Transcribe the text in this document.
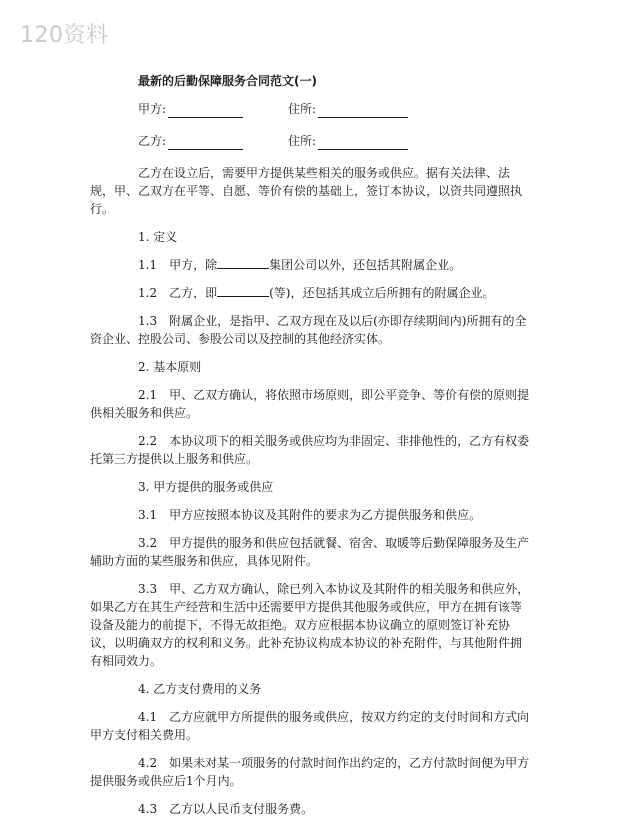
120资料
最新的后勤保障服务合同范文(一)
甲方:	住所:
乙方:	住所:

乙方在设立后，需要甲方提供某些相关的服务或供应。据有关法律、法规，甲、乙双方在平等、自愿、等价有偿的基础上，签订本协议，以资共同遵照执行。

1. 定义

1.1　甲方，除	集团公司以外，还包括其附属企业。

1.2　乙方，即	(等)，还包括其成立后所拥有的附属企业。

1.3　附属企业，是指甲、乙双方现在及以后(亦即存续期间内)所拥有的全资企业、控股公司、参股公司以及控制的其他经济实体。

2. 基本原则

2.1　甲、乙双方确认，将依照市场原则，即公平竞争、等价有偿的原则提供相关服务和供应。

2.2　本协议项下的相关服务或供应均为非固定、非排他性的，乙方有权委托第三方提供以上服务和供应。

3. 甲方提供的服务或供应

3.1　甲方应按照本协议及其附件的要求为乙方提供服务和供应。

3.2　甲方提供的服务和供应包括就餐、宿舍、取暖等后勤保障服务及生产辅助方面的某些服务和供应，具体见附件。

3.3　甲、乙方双方确认，除已列入本协议及其附件的相关服务和供应外，如果乙方在其生产经营和生活中还需要甲方提供其他服务或供应，甲方在拥有该等设备及能力的前提下，不得无故拒绝。双方应根据本协议确立的原则签订补充协议，以明确双方的权利和义务。此补充协议构成本协议的补充附件，与其他附件拥有相同效力。

4. 乙方支付费用的义务

4.1　乙方应就甲方所提供的服务或供应，按双方约定的支付时间和方式向甲方支付相关费用。

4.2　如果未对某一项服务的付款时间作出约定的，乙方付款时间便为甲方提供服务或供应后1个月内。

4.3　乙方以人民币支付服务费。
